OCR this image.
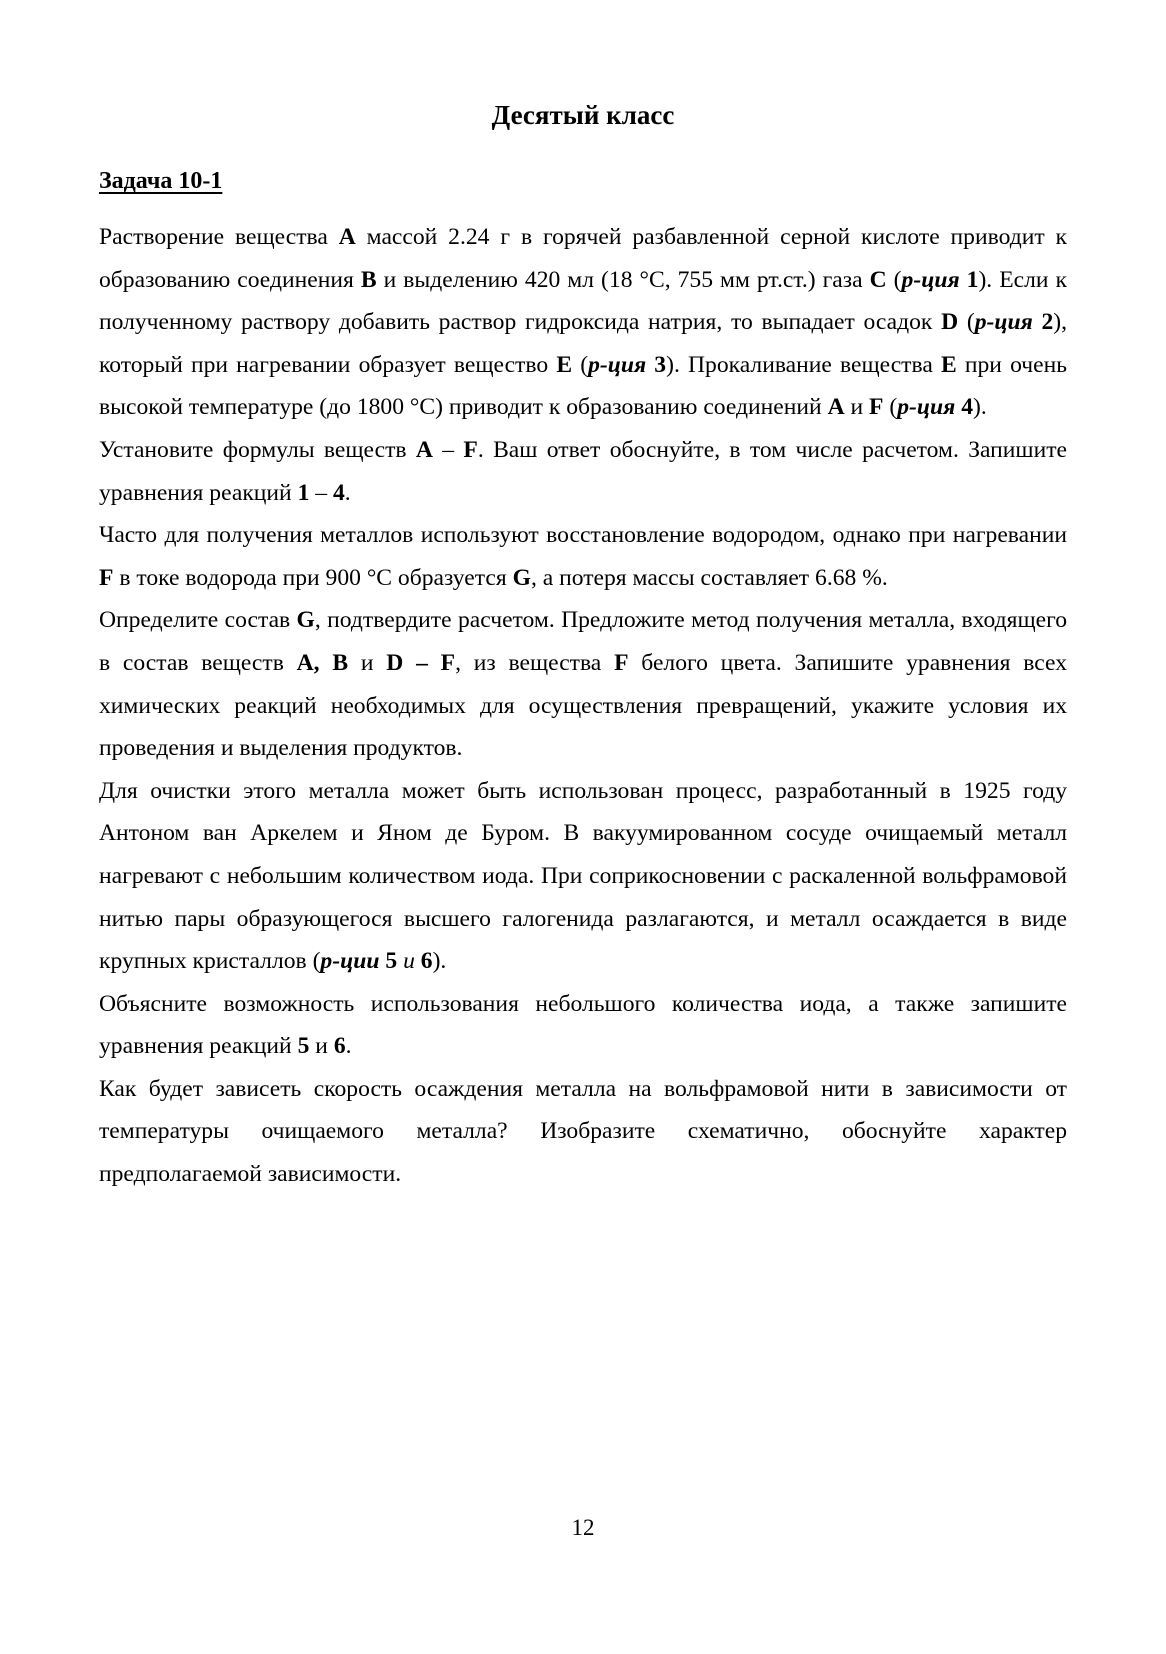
Десятый класс
Задача 10-1

Растворение вещества A массой 2.24 г в горячей разбавленной серной кислоте приводит к образованию соединения B и выделению 420 мл (18 °С, 755 мм рт.ст.) газа C (р-ция 1). Если к полученному раствору добавить раствор гидроксида натрия, то выпадает осадок D (р-ция 2), который при нагревании образует вещество E (р-ция 3). Прокаливание вещества E при очень высокой температуре (до 1800 °С) приводит к образованию соединений A и F (р-ция 4).

Установите формулы веществ A – F. Ваш ответ обоснуйте, в том числе расчетом. Запишите уравнения реакций 1 – 4.

Часто для получения металлов используют восстановление водородом, однако при нагревании F в токе водорода при 900 °С образуется G, а потеря массы составляет 6.68 %.

Определите состав G, подтвердите расчетом. Предложите метод получения металла, входящего в состав веществ A, B и D – F, из вещества F белого цвета. Запишите уравнения всех химических реакций необходимых для осуществления превращений, укажите условия их проведения и выделения продуктов.

Для очистки этого металла может быть использован процесс, разработанный в 1925 году Антоном ван Аркелем и Яном де Буром. В вакуумированном сосуде очищаемый металл нагревают с небольшим количеством иода. При соприкосновении с раскаленной вольфрамовой нитью пары образующегося высшего галогенида разлагаются, и металл осаждается в виде крупных кристаллов (р-ции 5 и 6).

Объясните возможность использования небольшого количества иода, а также запишите уравнения реакций 5 и 6.

Как будет зависеть скорость осаждения металла на вольфрамовой нити в зависимости от температуры очищаемого металла? Изобразите схематично, обоснуйте характер предполагаемой зависимости.

12
